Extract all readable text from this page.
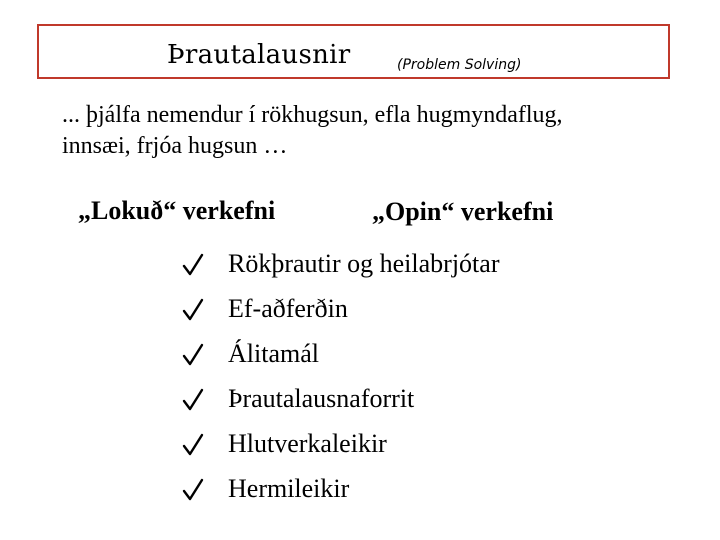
Þrautalausnir	(Problem Solving)
... þjálfa nemendur í rökhugsun, efla hugmyndaflug,
innsæi, frjóa hugsun …
„Lokuð“ verkefni	„Opin“ verkefni
Rökþrautir og heilabrjótar
Ef-aðferðin
Álitamál
Þrautalausnaforrit
Hlutverkaleikir
Hermileikir
